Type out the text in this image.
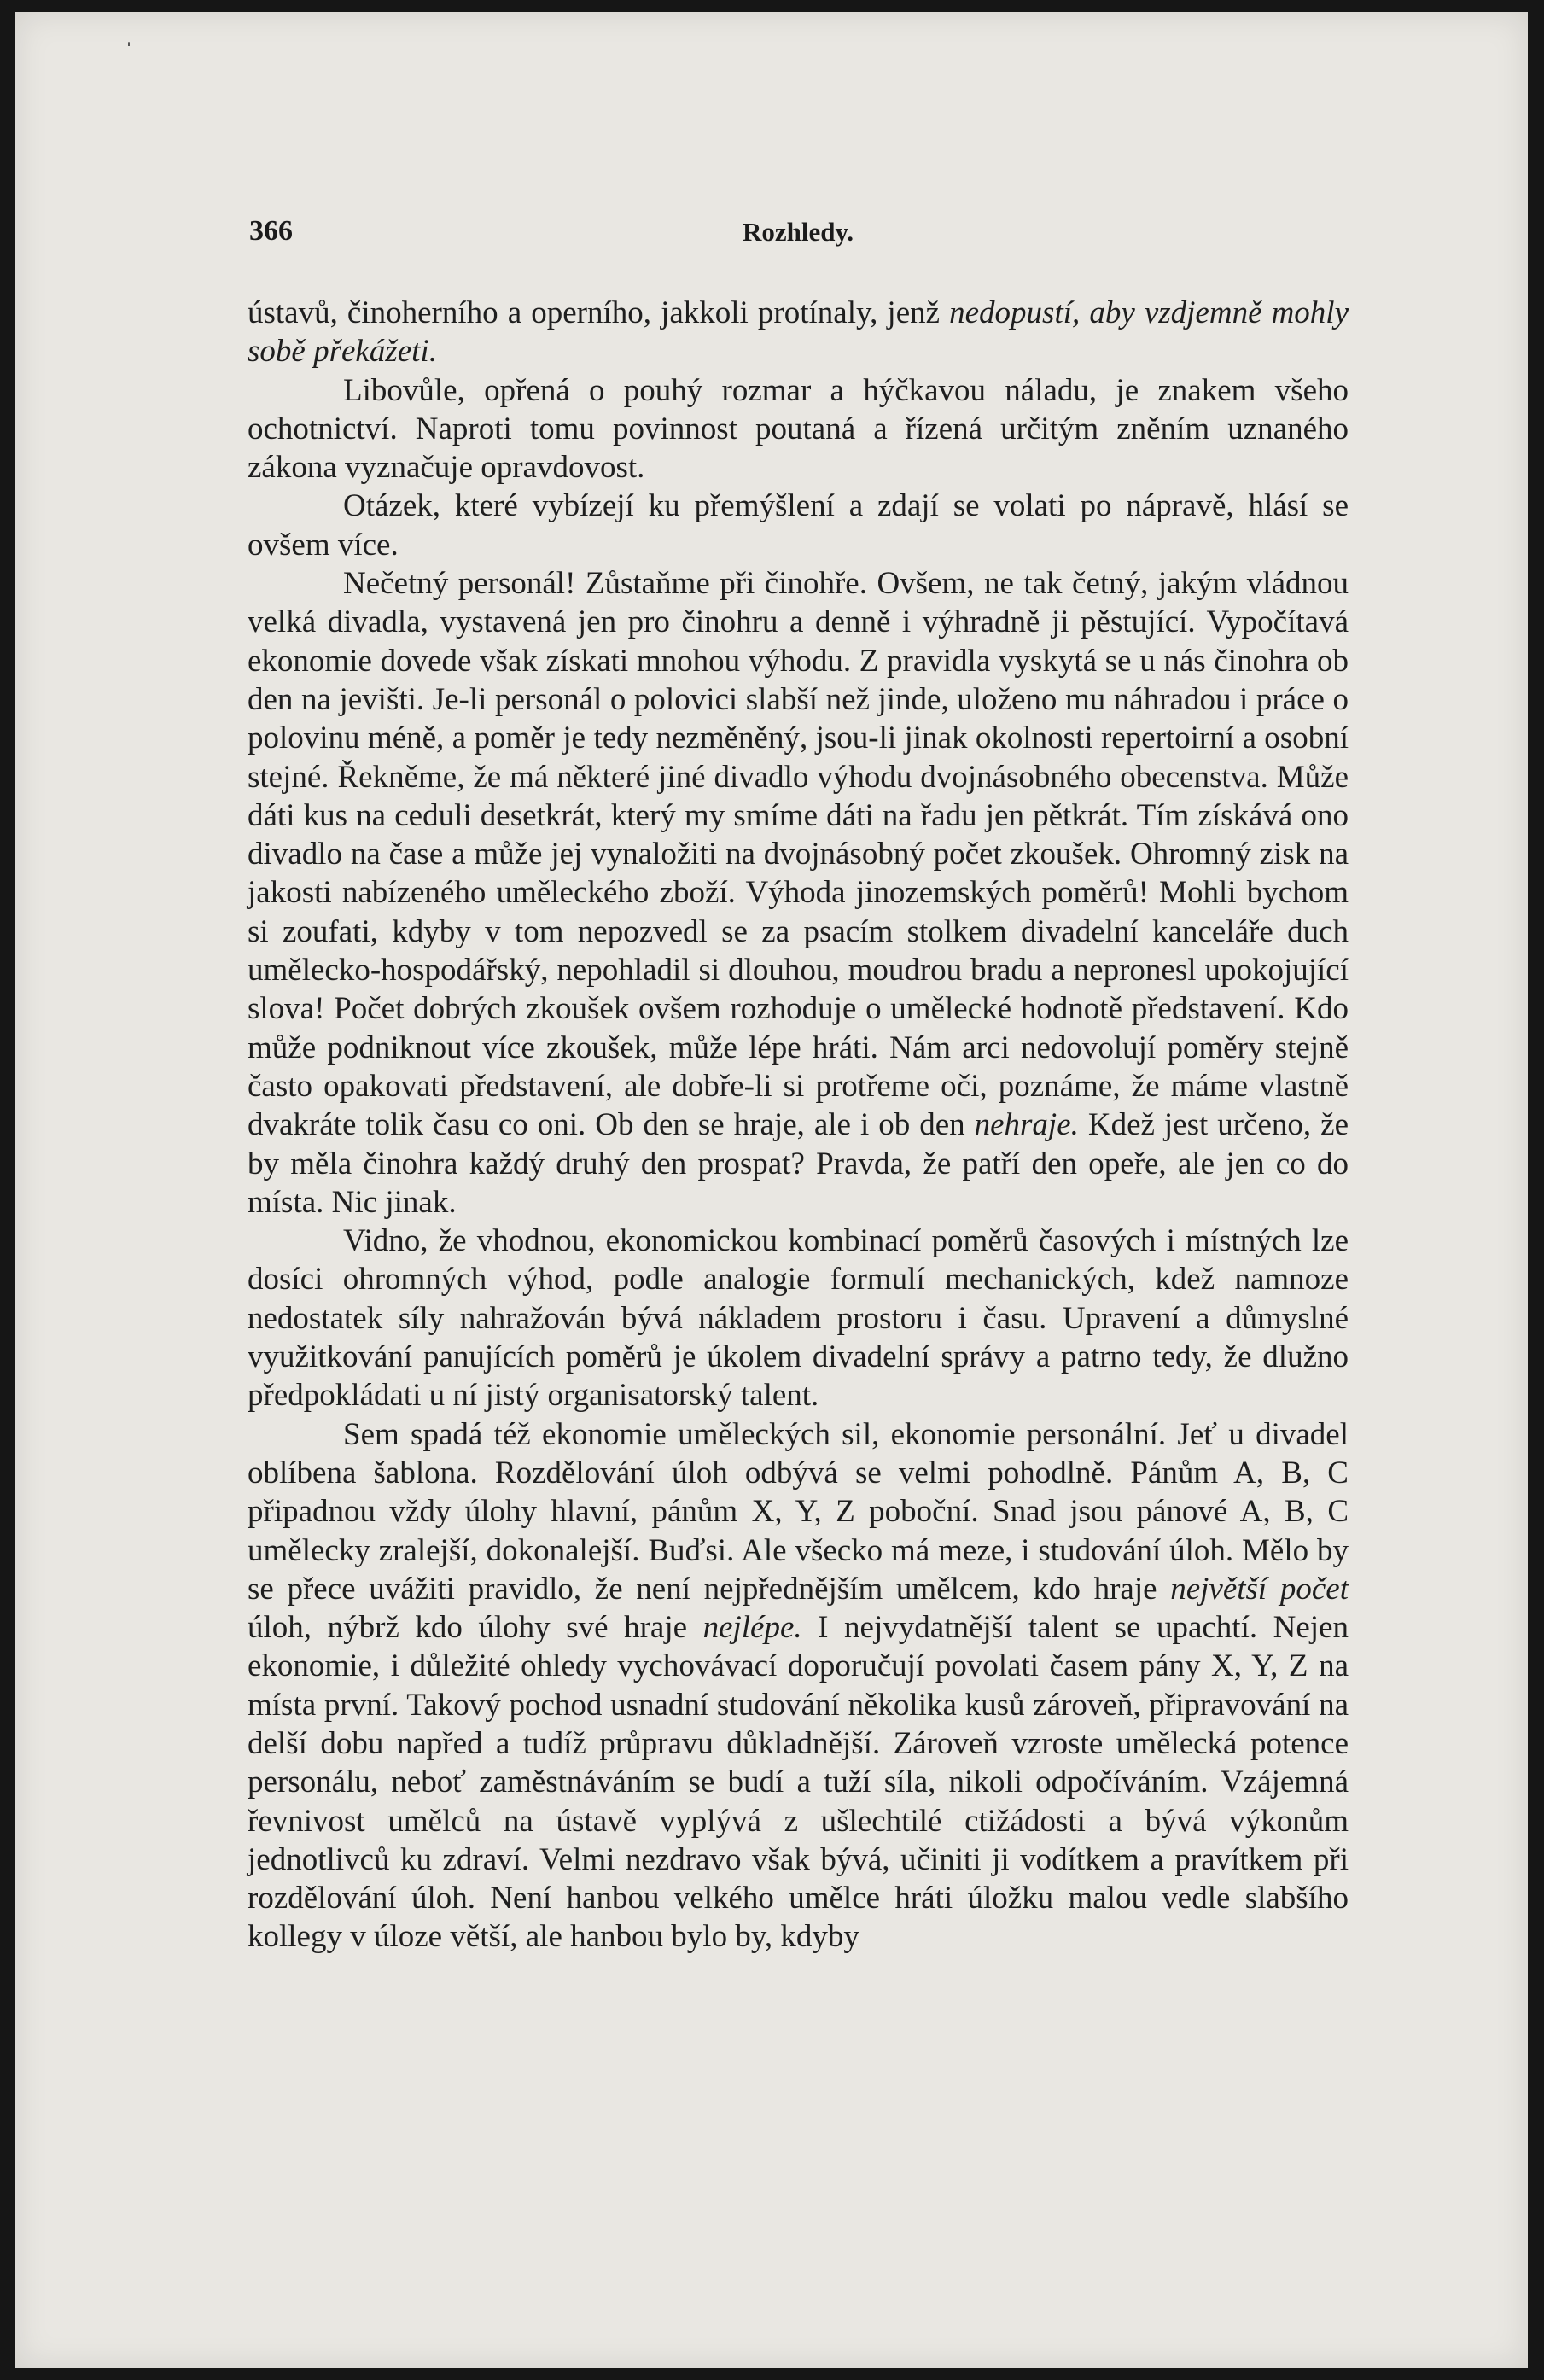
ˈ
366	Rozhledy.

ústavů, činoherního a operního, jakkoli protínaly, jenž nedopustí, aby vzdjemně mohly sobě překážeti.

Libovůle, opřená o pouhý rozmar a hýčkavou náladu, je znakem všeho ochotnictví. Naproti tomu povinnost poutaná a řízená určitým zněním uznaného zákona vyznačuje opravdovost.

Otázek, které vybízejí ku přemýšlení a zdají se volati po nápravě, hlásí se ovšem více.

Nečetný personál! Zůstaňme při činohře. Ovšem, ne tak četný, jakým vládnou velká divadla, vystavená jen pro činohru a denně i výhradně ji pěstující. Vypočítavá ekonomie dovede však získati mnohou výhodu. Z pravidla vyskytá se u nás činohra ob den na jevišti. Je-li personál o polovici slabší než jinde, uloženo mu náhradou i práce o polovinu méně, a poměr je tedy nezměněný, jsou-li jinak okolnosti repertoirní a osobní stejné. Řekněme, že má některé jiné divadlo výhodu dvojnásobného obecenstva. Může dáti kus na ceduli desetkrát, který my smíme dáti na řadu jen pětkrát. Tím získává ono divadlo na čase a může jej vynaložiti na dvojnásobný počet zkoušek. Ohromný zisk na jakosti nabízeného uměleckého zboží. Výhoda jinozemských poměrů! Mohli bychom si zoufati, kdyby v tom nepozvedl se za psacím stolkem divadelní kanceláře duch umělecko-hospodářský, nepohladil si dlouhou, moudrou bradu a nepronesl upokojující slova! Počet dobrých zkoušek ovšem rozhoduje o umělecké hodnotě představení. Kdo může podniknout více zkoušek, může lépe hráti. Nám arci nedovolují poměry stejně často opakovati představení, ale dobře-li si protřeme oči, poznáme, že máme vlastně dvakráte tolik času co oni. Ob den se hraje, ale i ob den nehraje. Kdež jest určeno, že by měla činohra každý druhý den prospat? Pravda, že patří den opeře, ale jen co do místa. Nic jinak.

Vidno, že vhodnou, ekonomickou kombinací poměrů časových i místných lze dosíci ohromných výhod, podle analogie formulí mechanických, kdež namnoze nedostatek síly nahražován bývá nákladem prostoru i času. Upravení a důmyslné využitkování panujících poměrů je úkolem divadelní správy a patrno tedy, že dlužno předpokládati u ní jistý organisatorský talent.

Sem spadá též ekonomie uměleckých sil, ekonomie personální. Jeť u divadel oblíbena šablona. Rozdělování úloh odbývá se velmi pohodlně. Pánům A, B, C připadnou vždy úlohy hlavní, pánům X, Y, Z poboční. Snad jsou pánové A, B, C umělecky zralejší, dokonalejší. Buďsi. Ale všecko má meze, i studování úloh. Mělo by se přece uvážiti pravidlo, že není nejpřednějším umělcem, kdo hraje největší počet úloh, nýbrž kdo úlohy své hraje nejlépe. I nejvydatnější talent se upachtí. Nejen ekonomie, i důležité ohledy vychovávací doporučují povolati časem pány X, Y, Z na místa první. Takový pochod usnadní studování několika kusů zároveň, připravování na delší dobu napřed a tudíž průpravu důkladnější. Zároveň vzroste umělecká potence personálu, neboť zaměstnáváním se budí a tuží síla, nikoli odpočíváním. Vzájemná řevnivost umělců na ústavě vyplývá z ušlechtilé ctižádosti a bývá výkonům jednotlivců ku zdraví. Velmi nezdravo však bývá, učiniti ji vodítkem a pravítkem při rozdělování úloh. Není hanbou velkého umělce hráti úložku malou vedle slabšího kollegy v úloze větší, ale hanbou bylo by, kdyby
